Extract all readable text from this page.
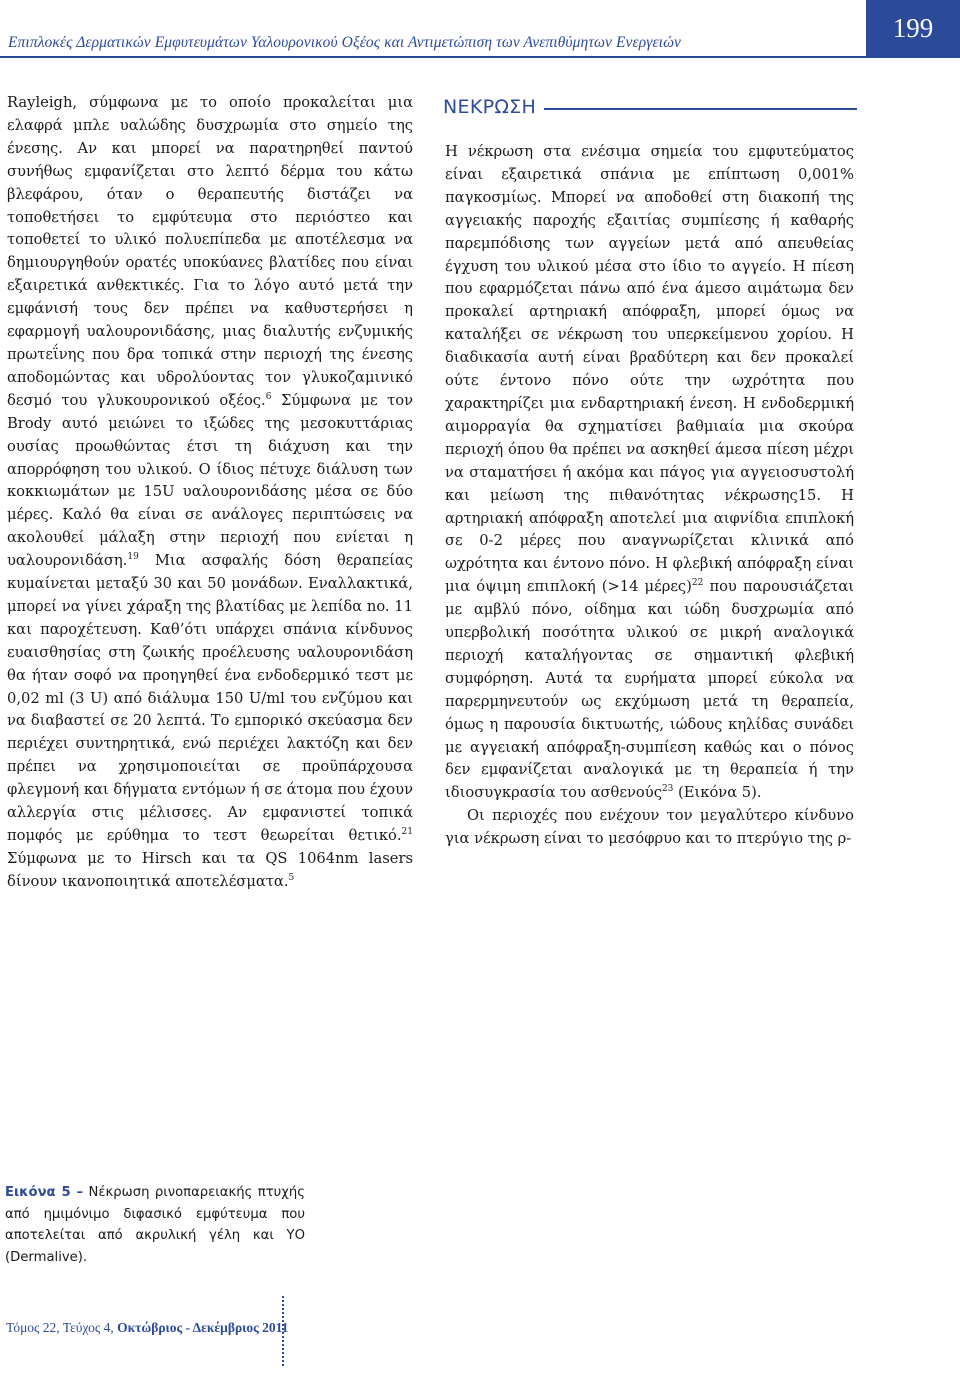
Επιπλοκές Δερματικών Εμφυτευμάτων Υαλουρονικού Οξέος και Αντιμετώπιση των Ανεπιθύμητων Ενεργειών	199

Rayleigh, σύμφωνα με το οποίο προκαλείται μια ελαφρά μπλε υαλώδης δυσχρωμία στο σημείο της ένεσης. Αν και μπορεί να παρατηρηθεί παντού συνήθως εμφανίζεται στο λεπτό δέρμα του κάτω βλεφάρου, όταν ο θεραπευτής διστάζει να τοποθετήσει το εμφύτευμα στο περιόστεο και τοποθετεί το υλικό πολυεπίπεδα με αποτέλεσμα να δημιουργηθούν ορατές υποκύανες βλατίδες που είναι εξαιρετικά ανθεκτικές. Για το λόγο αυτό μετά την εμφάνισή τους δεν πρέπει να καθυστερήσει η εφαρμογή υαλουρονιδάσης, μιας διαλυτής ενζυμικής πρωτεΐνης που δρα τοπικά στην περιοχή της ένεσης αποδομώντας και υδρολύοντας τον γλυκοζαμινικό δεσμό του γλυκουρονικού οξέος.$^6$ Σύμφωνα με τον Brody αυτό μειώνει το ιξώδες της μεσοκυττάριας ουσίας προωθώντας έτσι τη διάχυση και την απορρόφηση του υλικού. Ο ίδιος πέτυχε διάλυση των κοκκιωμάτων με 15U υαλουρονιδάσης μέσα σε δύο μέρες. Καλό θα είναι σε ανάλογες περιπτώσεις να ακολουθεί μάλαξη στην περιοχή που ενίεται η υαλουρονιδάση.$^{19}$ Μια ασφαλής δόση θεραπείας κυμαίνεται μεταξύ 30 και 50 μονάδων. Εναλλακτικά, μπορεί να γίνει χάραξη της βλατίδας με λεπίδα no. 11 και παροχέτευση. Καθ’ότι υπάρχει σπάνια κίνδυνος ευαισθησίας στη ζωικής προέλευσης υαλουρονιδάση θα ήταν σοφό να προηγηθεί ένα ενδοδερμικό τεστ με 0,02 ml (3 U) από διάλυμα 150 U/ml του ενζύμου και να διαβαστεί σε 20 λεπτά. Το εμπορικό σκεύασμα δεν περιέχει συντηρητικά, ενώ περιέχει λακτόζη και δεν πρέπει να χρησιμοποιείται σε προϋπάρχουσα φλεγμονή και δήγματα εντόμων ή σε άτομα που έχουν αλλεργία στις μέλισσες. Αν εμφανιστεί τοπικά πομφός με ερύθημα το τεστ θεωρείται θετικό.$^{21}$ Σύμφωνα με το Hirsch και τα QS 1064nm lasers δίνουν ικανοποιητικά αποτελέσματα.$^5$

ΝΕΚΡΩΣΗ

Η νέκρωση στα ενέσιμα σημεία του εμφυτεύματος είναι εξαιρετικά σπάνια με επίπτωση 0,001% παγκοσμίως. Μπορεί να αποδοθεί στη διακοπή της αγγειακής παροχής εξαιτίας συμπίεσης ή καθαρής παρεμπόδισης των αγγείων μετά από απευθείας έγχυση του υλικού μέσα στο ίδιο το αγγείο. Η πίεση που εφαρμόζεται πάνω από ένα άμεσο αιμάτωμα δεν προκαλεί αρτηριακή απόφραξη, μπορεί όμως να καταλήξει σε νέκρωση του υπερκείμενου χορίου. Η διαδικασία αυτή είναι βραδύτερη και δεν προκαλεί ούτε έντονο πόνο ούτε την ωχρότητα που χαρακτηρίζει μια ενδαρτηριακή ένεση. Η ενδοδερμική αιμορραγία θα σχηματίσει βαθμιαία μια σκούρα περιοχή όπου θα πρέπει να ασκηθεί άμεσα πίεση μέχρι να σταματήσει ή ακόμα και πάγος για αγγειοσυστολή και μείωση της πιθανότητας νέκρωσης15. Η αρτηριακή απόφραξη αποτελεί μια αιφνίδια επιπλοκή σε 0-2 μέρες που αναγνωρίζεται κλινικά από ωχρότητα και έντονο πόνο. Η φλεβική απόφραξη είναι μια όψιμη επιπλοκή (>14 μέρες)$^{22}$ που παρουσιάζεται με αμβλύ πόνο, οίδημα και ιώδη δυσχρωμία από υπερβολική ποσότητα υλικού σε μικρή αναλογικά περιοχή καταλήγοντας σε σημαντική φλεβική συμφόρηση. Αυτά τα ευρήματα μπορεί εύκολα να παρερμηνευτούν ως εκχύμωση μετά τη θεραπεία, όμως η παρουσία δικτυωτής, ιώδους κηλίδας συνάδει με αγγειακή απόφραξη-συμπίεση καθώς και ο πόνος δεν εμφανίζεται αναλογικά με τη θεραπεία ή την ιδιοσυγκρασία του ασθενούς$^{23}$ (Εικόνα 5).

Οι περιοχές που ενέχουν τον μεγαλύτερο κίνδυνο για νέκρωση είναι το μεσόφρυο και το πτερύγιο της ρ-

Εικόνα 5 – Νέκρωση ρινοπαρειακής πτυχής από ημιμόνιμο διφασικό εμφύτευμα που αποτελείται από ακρυλική γέλη και ΥΟ (Dermalive).
Τόμος 22, Τεύχος 4, Οκτώβριος - Δεκέμβριος 2011
